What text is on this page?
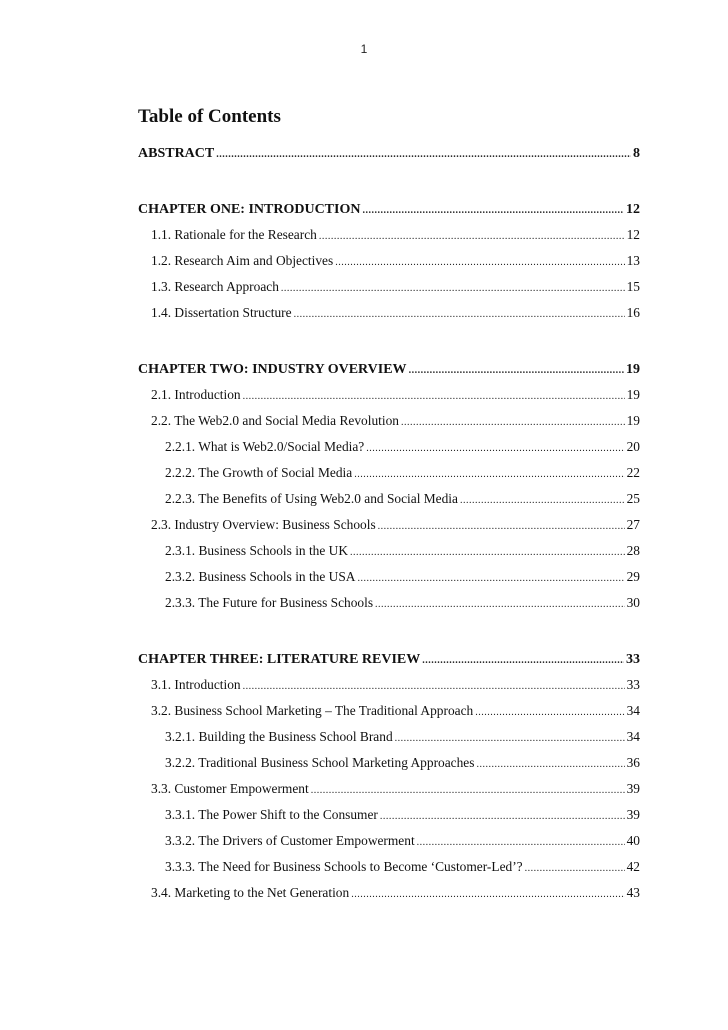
1
Table of Contents
ABSTRACT .....	8
CHAPTER ONE: INTRODUCTION .....	12
1.1. Rationale for the Research .....	12
1.2. Research Aim and Objectives .....	13
1.3. Research Approach .....	15
1.4. Dissertation Structure .....	16
CHAPTER TWO: INDUSTRY OVERVIEW .....	19
2.1. Introduction .....	19
2.2. The Web2.0 and Social Media Revolution .....	19
2.2.1. What is Web2.0/Social Media? .....	20
2.2.2. The Growth of Social Media .....	22
2.2.3. The Benefits of Using Web2.0 and Social Media .....	25
2.3. Industry Overview: Business Schools .....	27
2.3.1. Business Schools in the UK .....	28
2.3.2. Business Schools in the USA .....	29
2.3.3. The Future for Business Schools .....	30
CHAPTER THREE: LITERATURE REVIEW .....	33
3.1. Introduction .....	33
3.2. Business School Marketing – The Traditional Approach .....	34
3.2.1. Building the Business School Brand .....	34
3.2.2. Traditional Business School Marketing Approaches .....	36
3.3. Customer Empowerment .....	39
3.3.1. The Power Shift to the Consumer .....	39
3.3.2. The Drivers of Customer Empowerment .....	40
3.3.3. The Need for Business Schools to Become ‘Customer-Led’? .....	42
3.4. Marketing to the Net Generation .....	43
